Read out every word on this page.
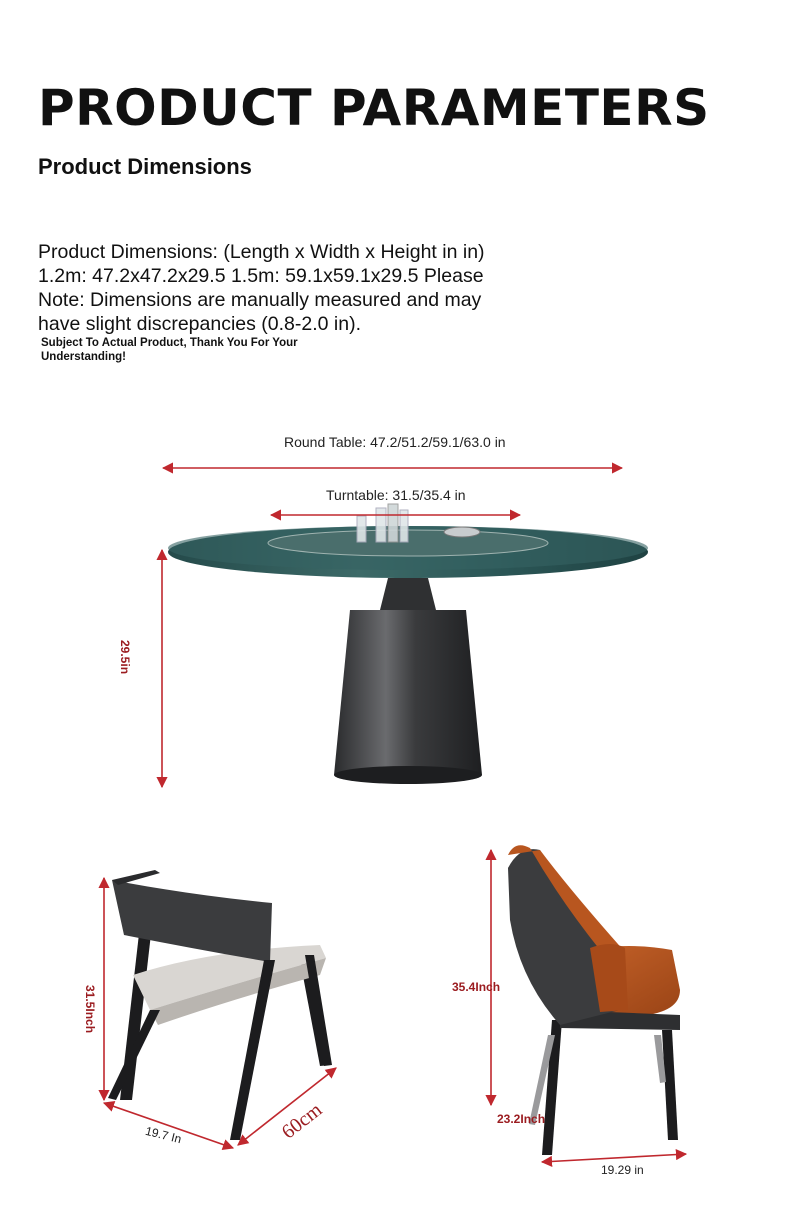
PRODUCT PARAMETERS
Product Dimensions
Product Dimensions: (Length x Width x Height in in) 1.2m: 47.2x47.2x29.5 1.5m: 59.1x59.1x29.5 Please Note: Dimensions are manually measured and may have slight discrepancies (0.8-2.0 in).
Subject To Actual Product, Thank You For Your Understanding!
Round Table: 47.2/51.2/59.1/63.0 in
Turntable: 31.5/35.4 in
29.5in
31.5Inch
19.7 In	60cm
35.4Inch
23.2Inch
19.29 in
